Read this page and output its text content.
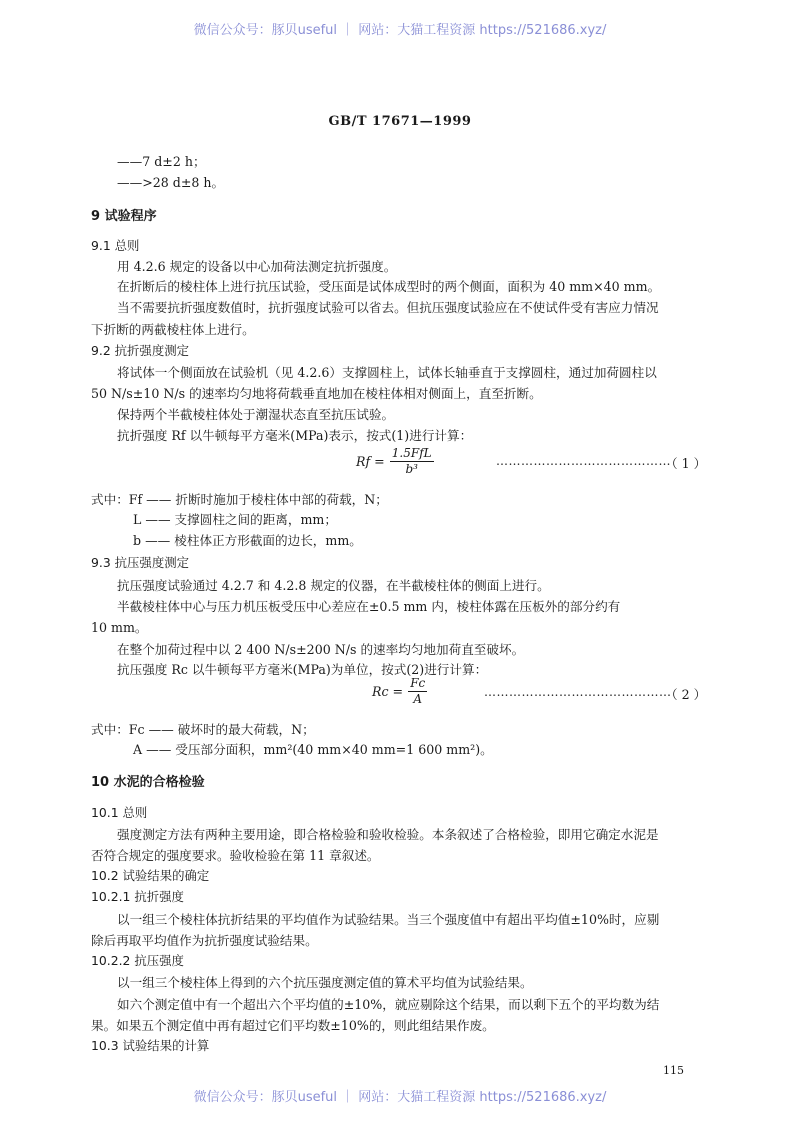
微信公众号：豚贝useful ｜ 网站：大猫工程资源 https://521686.xyz/
GB/T 17671—1999
——7 d±2 h；
——>28 d±8 h。
9 试验程序
9.1 总则
用 4.2.6 规定的设备以中心加荷法测定抗折强度。
在折断后的棱柱体上进行抗压试验，受压面是试体成型时的两个侧面，面积为 40 mm×40 mm。
当不需要抗折强度数值时，抗折强度试验可以省去。但抗压强度试验应在不使试件受有害应力情况
下折断的两截棱柱体上进行。
9.2 抗折强度测定
将试体一个侧面放在试验机（见 4.2.6）支撑圆柱上，试体长轴垂直于支撑圆柱，通过加荷圆柱以
50 N/s±10 N/s 的速率均匀地将荷载垂直地加在棱柱体相对侧面上，直至折断。
保持两个半截棱柱体处于潮湿状态直至抗压试验。
抗折强度 Rf 以牛顿每平方毫米(MPa)表示，按式(1)进行计算：
$Rf = \frac{\text{1.5FfL}}{\text{b³}}$	……………………………………
（ 1 ）
式中：Ff —— 折断时施加于棱柱体中部的荷载，N；
L —— 支撑圆柱之间的距离，mm；
b —— 棱柱体正方形截面的边长，mm。
9.3 抗压强度测定
抗压强度试验通过 4.2.7 和 4.2.8 规定的仪器，在半截棱柱体的侧面上进行。
半截棱柱体中心与压力机压板受压中心差应在±0.5 mm 内，棱柱体露在压板外的部分约有
10 mm。
在整个加荷过程中以 2 400 N/s±200 N/s 的速率均匀地加荷直至破坏。
抗压强度 Rc 以牛顿每平方毫米(MPa)为单位，按式(2)进行计算：
$Rc = \frac{Fc}{A}$	………………………………………
（ 2 ）
式中：Fc —— 破坏时的最大荷载，N；
A —— 受压部分面积，mm²(40 mm×40 mm=1 600 mm²)。
10 水泥的合格检验
10.1 总则
强度测定方法有两种主要用途，即合格检验和验收检验。本条叙述了合格检验，即用它确定水泥是
否符合规定的强度要求。验收检验在第 11 章叙述。
10.2 试验结果的确定
10.2.1 抗折强度
以一组三个棱柱体抗折结果的平均值作为试验结果。当三个强度值中有超出平均值±10%时，应剔
除后再取平均值作为抗折强度试验结果。
10.2.2 抗压强度
以一组三个棱柱体上得到的六个抗压强度测定值的算术平均值为试验结果。
如六个测定值中有一个超出六个平均值的±10%，就应剔除这个结果，而以剩下五个的平均数为结
果。如果五个测定值中再有超过它们平均数±10%的，则此组结果作废。
10.3 试验结果的计算
115
微信公众号：豚贝useful ｜ 网站：大猫工程资源 https://521686.xyz/
